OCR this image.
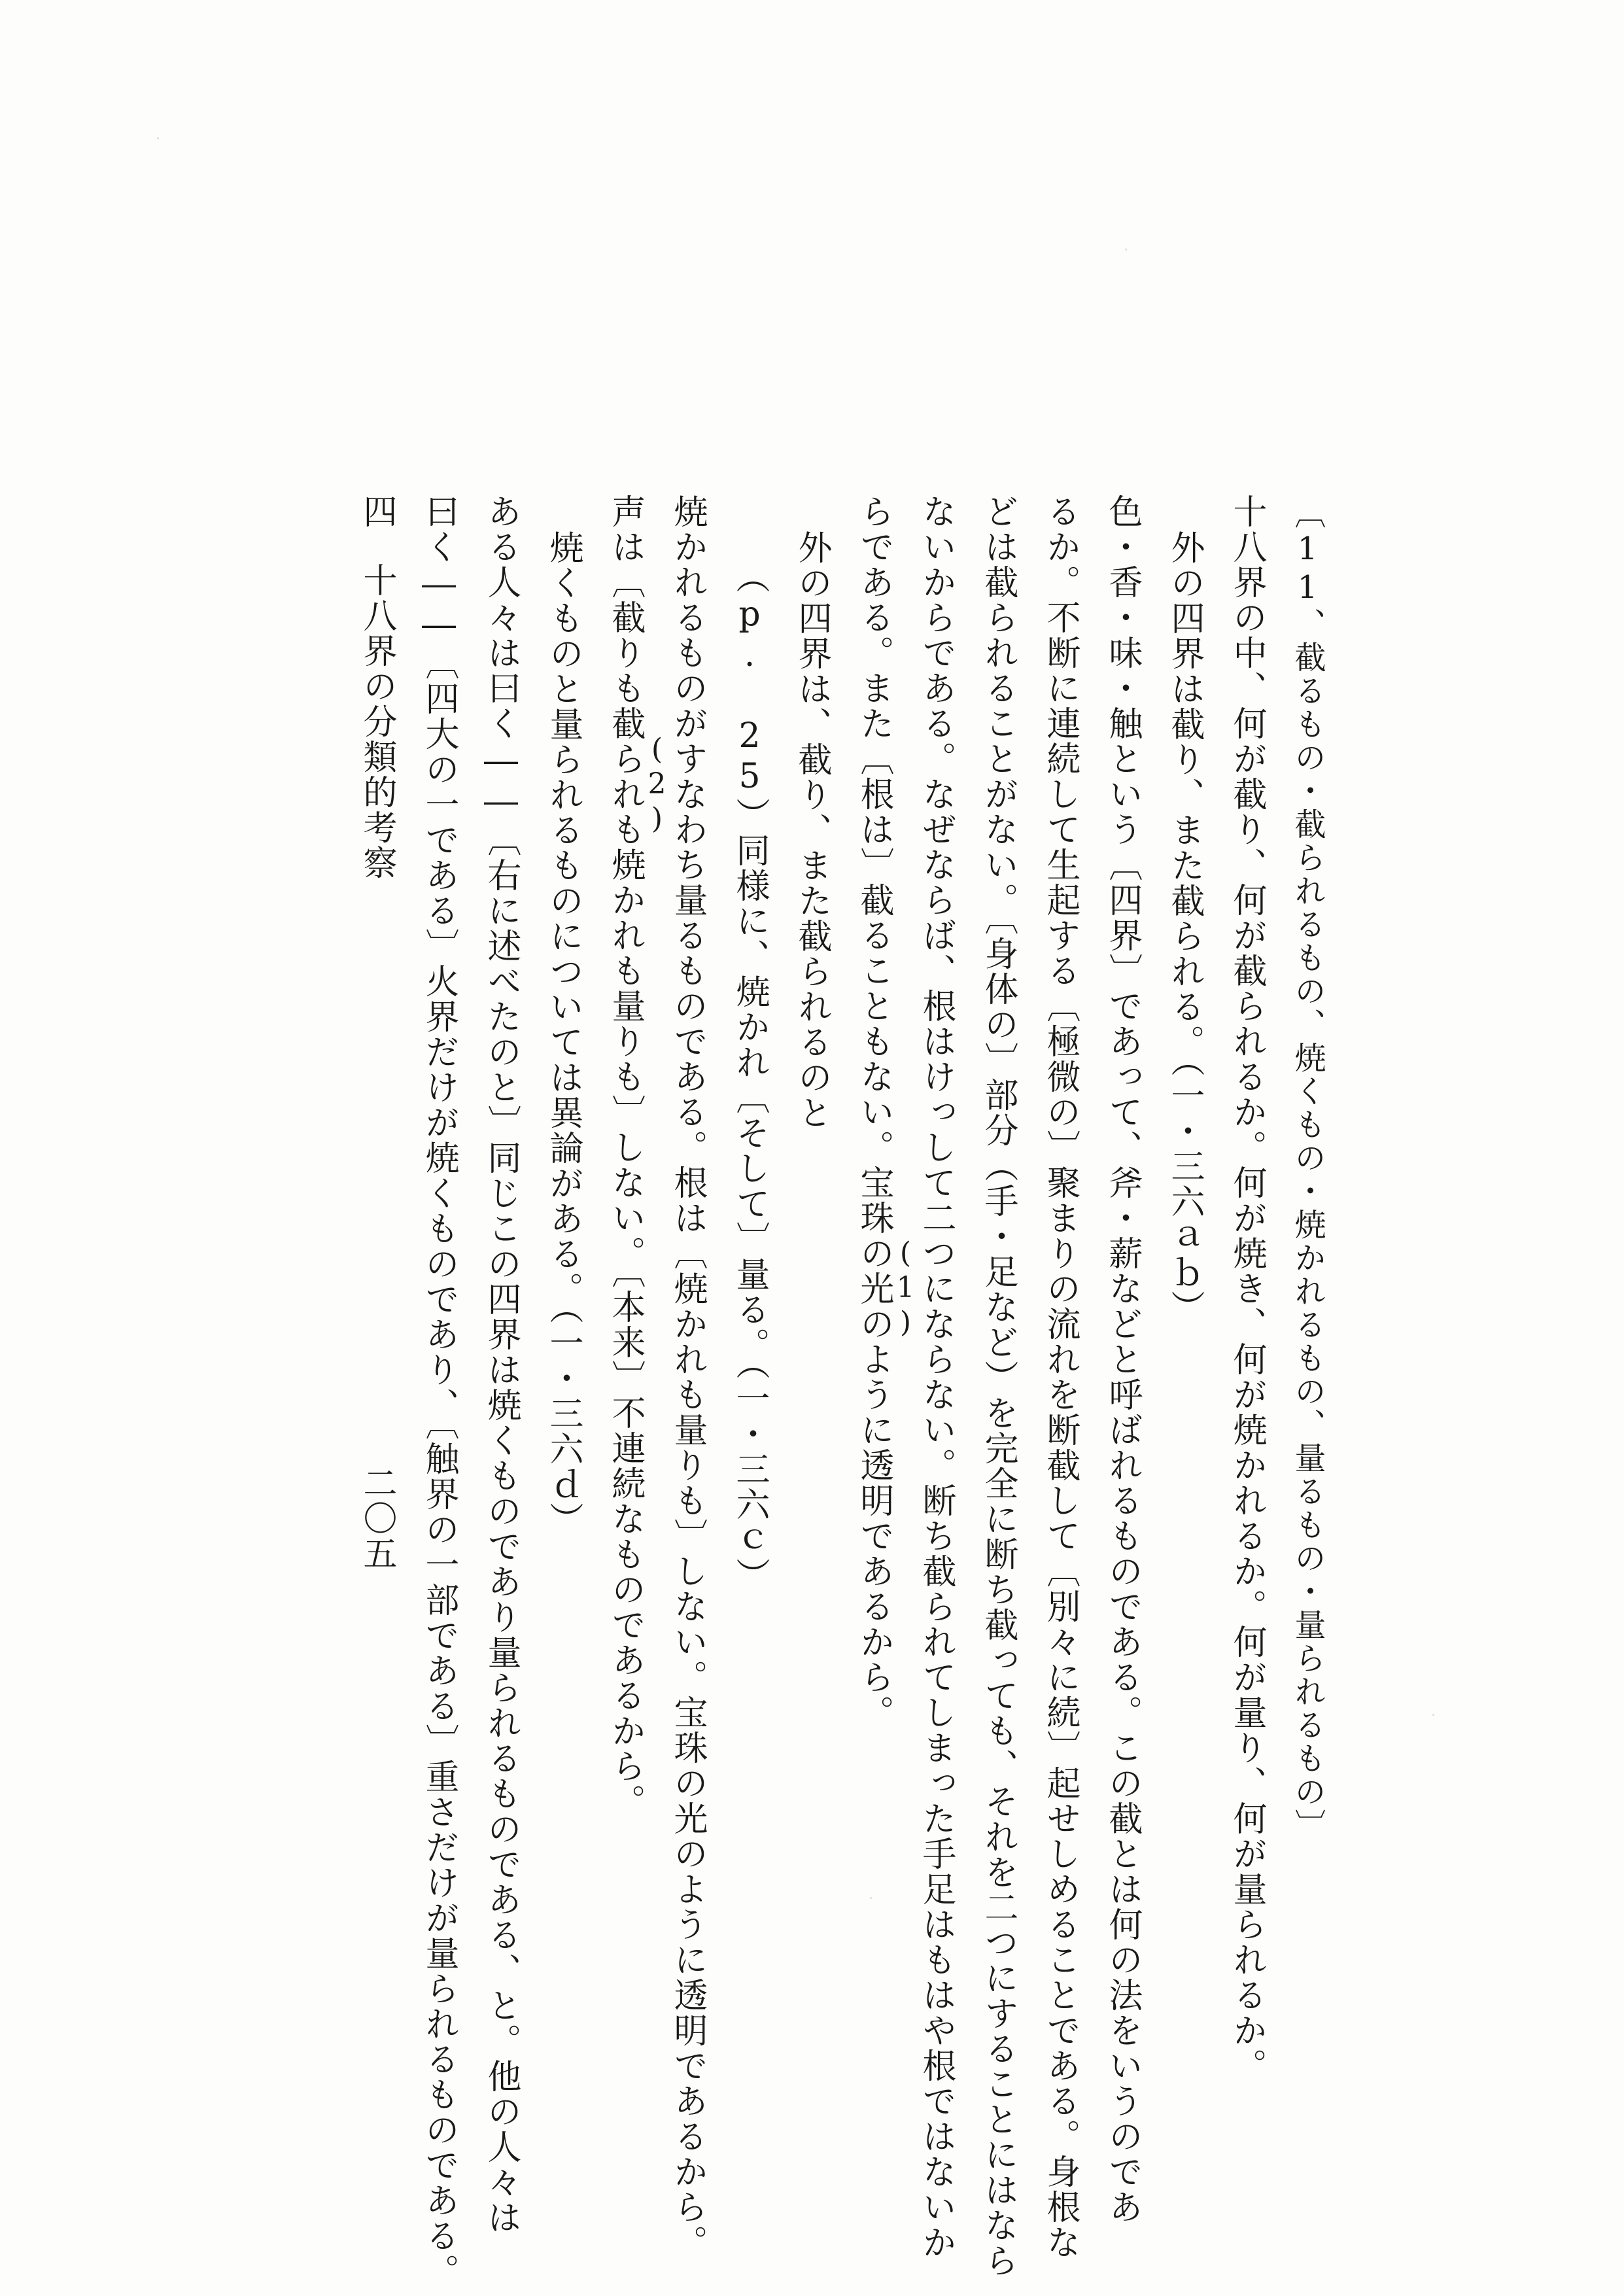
〔11、截るもの・截られるもの、焼くもの・焼かれるもの、量るもの・量られるもの〕
十八界の中、何が截り、何が截られるか。何が焼き、何が焼かれるか。何が量り、何が量られるか。
外の四界は截り、また截られる。（一・三六ａｂ）
色・香・味・触という〔四界〕であって、斧・薪などと呼ばれるものである。この截とは何の法をいうのであ
るか。不断に連続して生起する〔極微の〕聚まりの流れを断截して〔別々に続〕起せしめることである。身根な
どは截られることがない。〔身体の〕部分（手・足など）を完全に断ち截っても、それを二つにすることにはなら
ないからである。なぜならば、根はけっして二つにならない。断ち截られてしまった手足はもはや根ではないか
らである。また〔根は〕截ることもない。宝珠の光のように透明であるから。
(1)
外の四界は、截り、また截られるのと
（p. 25）同様に、焼かれ〔そして〕量る。（一・三六ｃ）
焼かれるものがすなわち量るものである。根は〔焼かれも量りも〕しない。宝珠の光のように透明であるから。
声は〔截りも截られも焼かれも量りも〕しない。〔本来〕不連続なものであるから。
(2)
焼くものと量られるものについては異論がある。（一・三六ｄ）
ある人々は曰く――〔右に述べたのと〕同じこの四界は焼くものであり量られるものである、と。他の人々は
曰く――〔四大の一である〕火界だけが焼くものであり、〔触界の一部である〕重さだけが量られるものである。
四
十八界の分類的考察
二〇五
